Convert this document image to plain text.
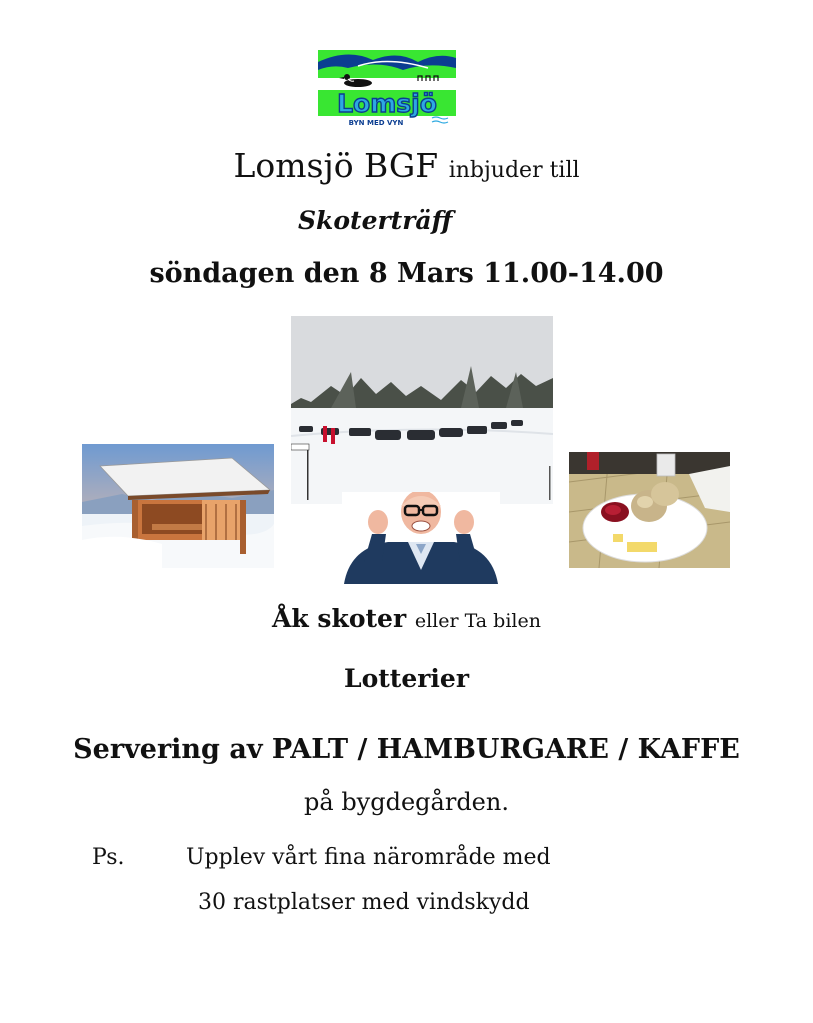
Lomsjö
BYN MED VYN
Lomsjö BGF inbjuder till
Skoterträff
söndagen den 8 Mars 11.00-14.00
Åk skoter eller Ta bilen
Lotterier
Servering av PALT / HAMBURGARE / KAFFE
på bygdegården.
Ps.	Upplev vårt fina närområde med
30 rastplatser med vindskydd
